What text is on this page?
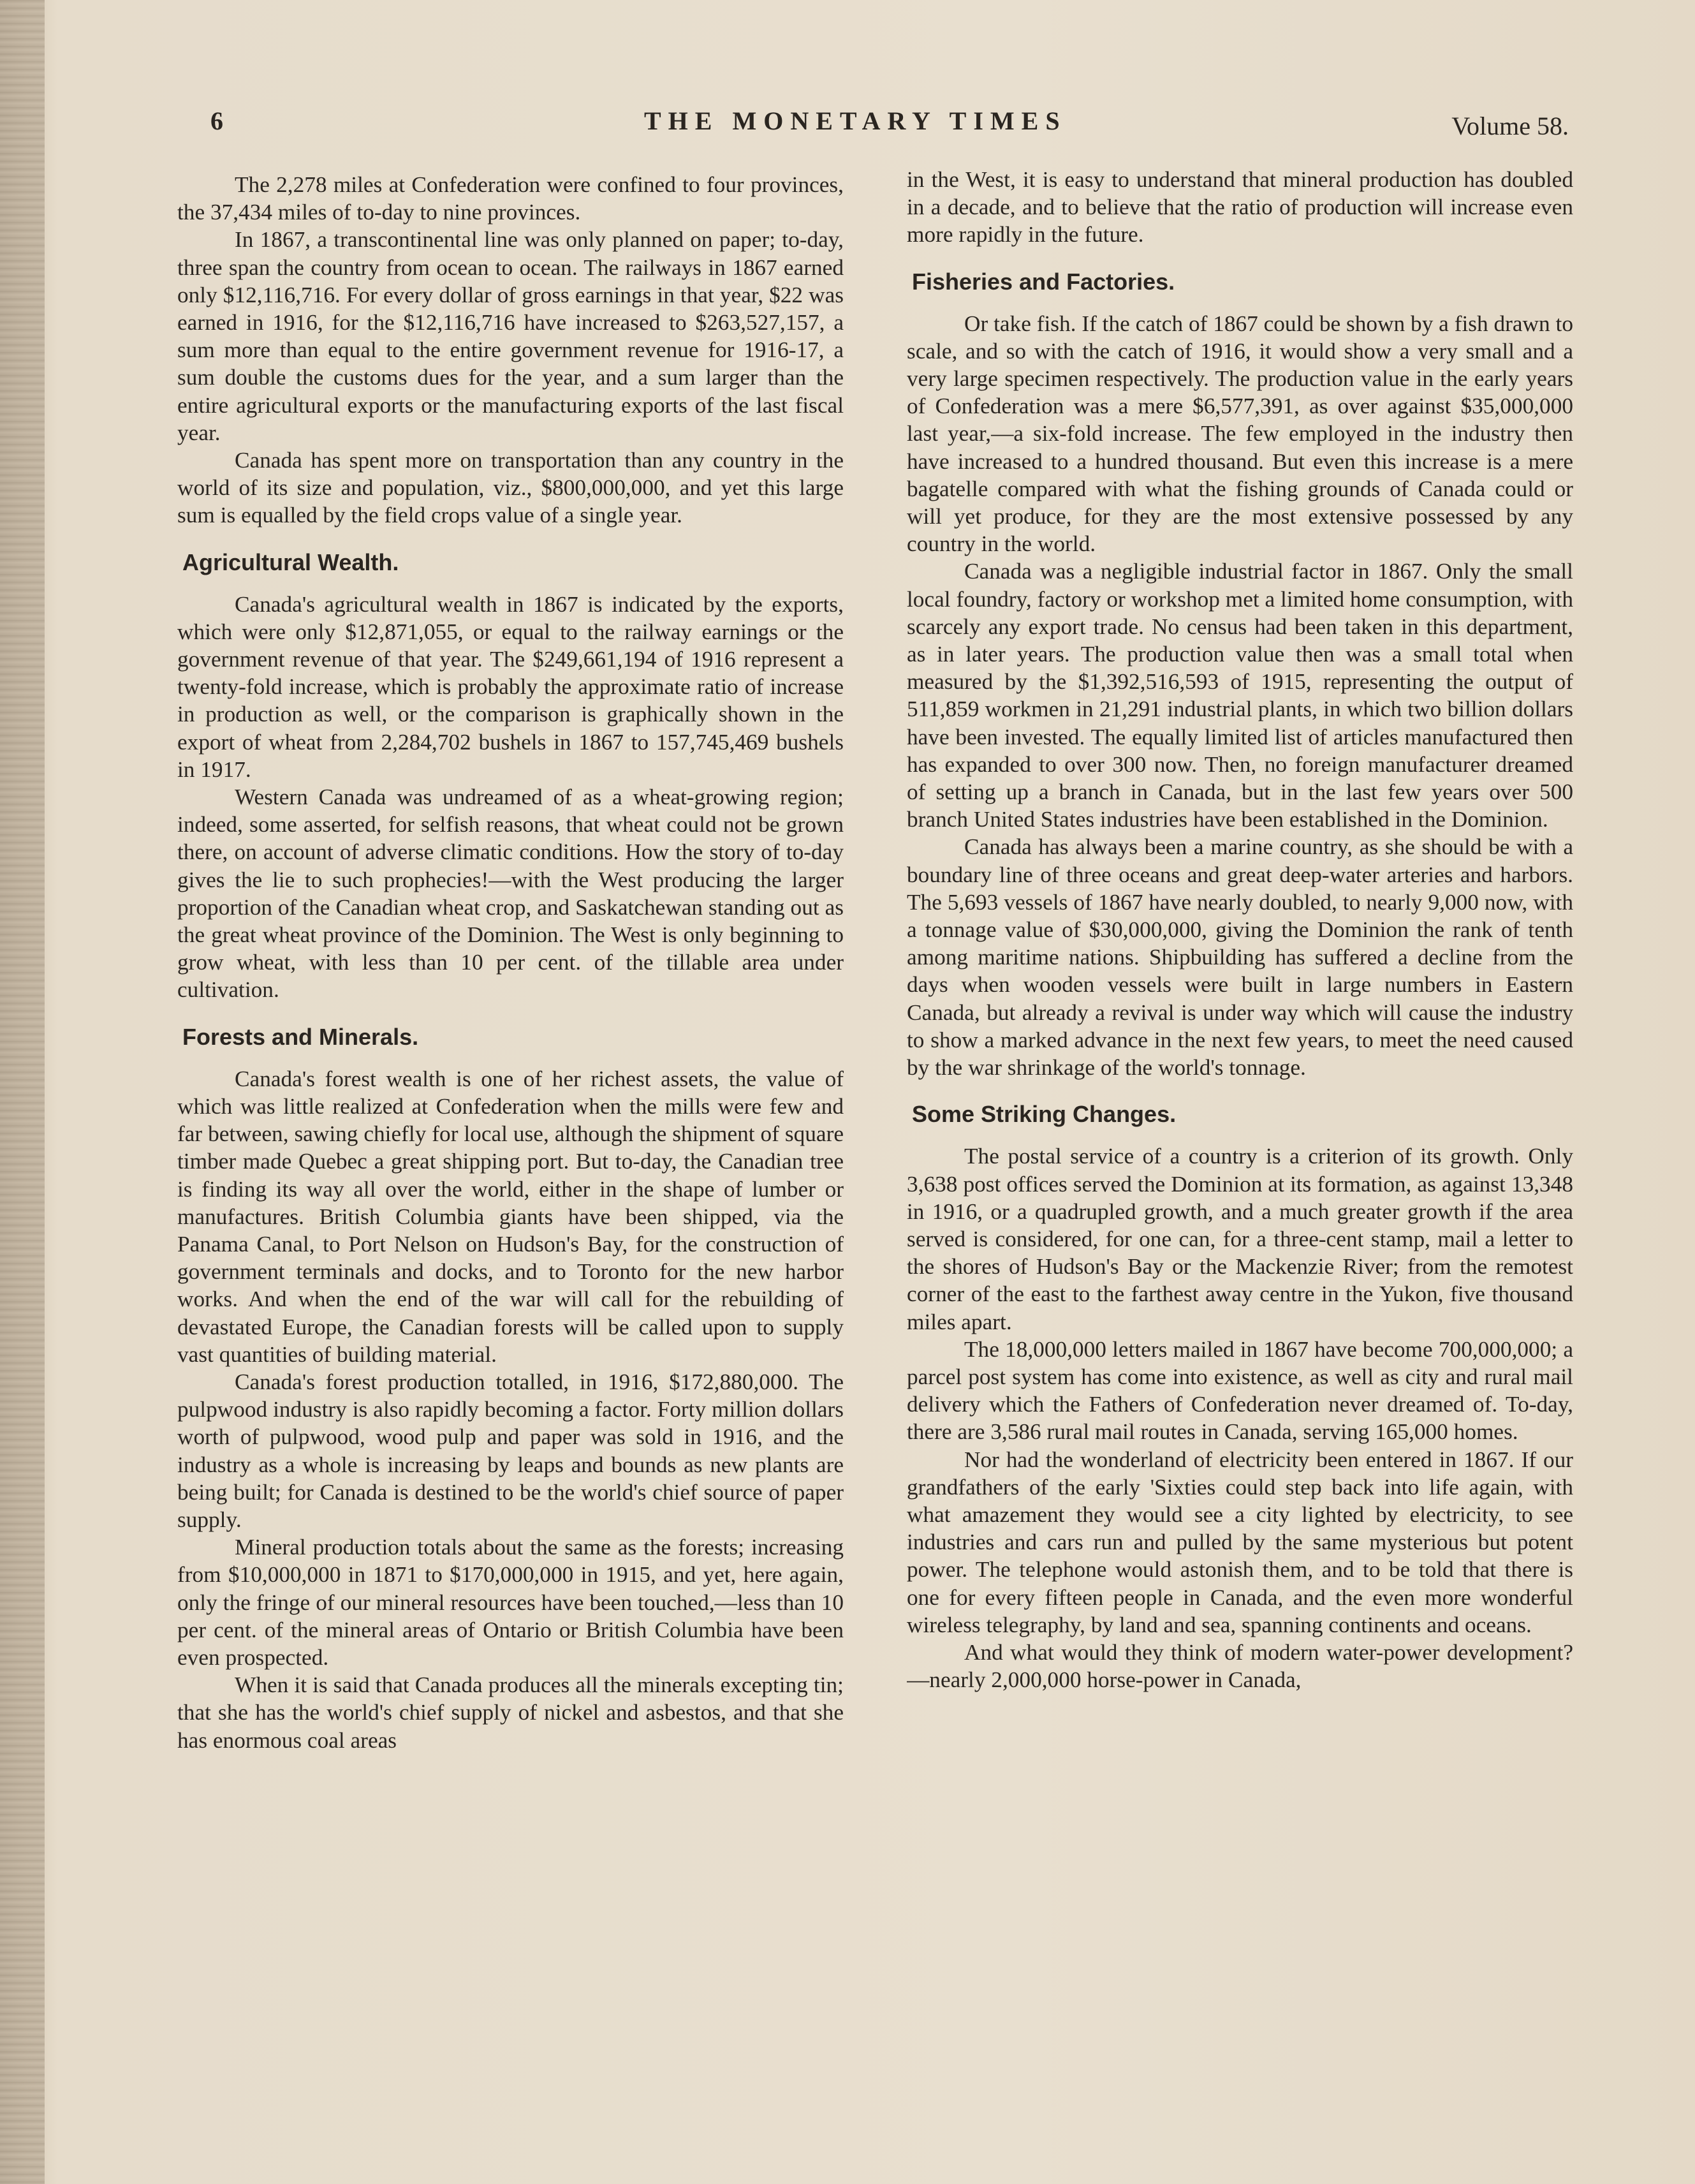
6	THE MONETARY TIMES	Volume 58.

The 2,278 miles at Confederation were confined to four provinces, the 37,434 miles of to-day to nine provinces.

In 1867, a transcontinental line was only planned on paper; to-day, three span the country from ocean to ocean. The railways in 1867 earned only $12,116,716. For every dollar of gross earnings in that year, $22 was earned in 1916, for the $12,116,716 have increased to $263,527,157, a sum more than equal to the entire government revenue for 1916-17, a sum double the customs dues for the year, and a sum larger than the entire agricultural exports or the manufacturing exports of the last fiscal year.

Canada has spent more on transportation than any country in the world of its size and population, viz., $800,000,000, and yet this large sum is equalled by the field crops value of a single year.

Agricultural Wealth.

Canada's agricultural wealth in 1867 is indicated by the exports, which were only $12,871,055, or equal to the railway earnings or the government revenue of that year. The $249,661,194 of 1916 represent a twenty-fold increase, which is probably the approximate ratio of increase in production as well, or the comparison is graphically shown in the export of wheat from 2,284,702 bushels in 1867 to 157,745,469 bushels in 1917.

Western Canada was undreamed of as a wheat-growing region; indeed, some asserted, for selfish reasons, that wheat could not be grown there, on account of adverse climatic conditions. How the story of to-day gives the lie to such prophecies!—with the West producing the larger proportion of the Canadian wheat crop, and Saskatchewan standing out as the great wheat province of the Dominion. The West is only beginning to grow wheat, with less than 10 per cent. of the tillable area under cultivation.

Forests and Minerals.

Canada's forest wealth is one of her richest assets, the value of which was little realized at Confederation when the mills were few and far between, sawing chiefly for local use, although the shipment of square timber made Quebec a great shipping port. But to-day, the Canadian tree is finding its way all over the world, either in the shape of lumber or manufactures. British Columbia giants have been shipped, via the Panama Canal, to Port Nelson on Hudson's Bay, for the construction of government terminals and docks, and to Toronto for the new harbor works. And when the end of the war will call for the rebuilding of devastated Europe, the Canadian forests will be called upon to supply vast quantities of building material.

Canada's forest production totalled, in 1916, $172,880,000. The pulpwood industry is also rapidly becoming a factor. Forty million dollars worth of pulpwood, wood pulp and paper was sold in 1916, and the industry as a whole is increasing by leaps and bounds as new plants are being built; for Canada is destined to be the world's chief source of paper supply.

Mineral production totals about the same as the forests; increasing from $10,000,000 in 1871 to $170,000,000 in 1915, and yet, here again, only the fringe of our mineral resources have been touched,—less than 10 per cent. of the mineral areas of Ontario or British Columbia have been even prospected.

When it is said that Canada produces all the minerals excepting tin; that she has the world's chief supply of nickel and asbestos, and that she has enormous coal areas

in the West, it is easy to understand that mineral production has doubled in a decade, and to believe that the ratio of production will increase even more rapidly in the future.

Fisheries and Factories.

Or take fish. If the catch of 1867 could be shown by a fish drawn to scale, and so with the catch of 1916, it would show a very small and a very large specimen respectively. The production value in the early years of Confederation was a mere $6,577,391, as over against $35,000,000 last year,—a six-fold increase. The few employed in the industry then have increased to a hundred thousand. But even this increase is a mere bagatelle compared with what the fishing grounds of Canada could or will yet produce, for they are the most extensive possessed by any country in the world.

Canada was a negligible industrial factor in 1867. Only the small local foundry, factory or workshop met a limited home consumption, with scarcely any export trade. No census had been taken in this department, as in later years. The production value then was a small total when measured by the $1,392,516,593 of 1915, representing the output of 511,859 workmen in 21,291 industrial plants, in which two billion dollars have been invested. The equally limited list of articles manufactured then has expanded to over 300 now. Then, no foreign manufacturer dreamed of setting up a branch in Canada, but in the last few years over 500 branch United States industries have been established in the Dominion.

Canada has always been a marine country, as she should be with a boundary line of three oceans and great deep-water arteries and harbors. The 5,693 vessels of 1867 have nearly doubled, to nearly 9,000 now, with a tonnage value of $30,000,000, giving the Dominion the rank of tenth among maritime nations. Shipbuilding has suffered a decline from the days when wooden vessels were built in large numbers in Eastern Canada, but already a revival is under way which will cause the industry to show a marked advance in the next few years, to meet the need caused by the war shrinkage of the world's tonnage.

Some Striking Changes.

The postal service of a country is a criterion of its growth. Only 3,638 post offices served the Dominion at its formation, as against 13,348 in 1916, or a quadrupled growth, and a much greater growth if the area served is considered, for one can, for a three-cent stamp, mail a letter to the shores of Hudson's Bay or the Mackenzie River; from the remotest corner of the east to the farthest away centre in the Yukon, five thousand miles apart.

The 18,000,000 letters mailed in 1867 have become 700,000,000; a parcel post system has come into existence, as well as city and rural mail delivery which the Fathers of Confederation never dreamed of. To-day, there are 3,586 rural mail routes in Canada, serving 165,000 homes.

Nor had the wonderland of electricity been entered in 1867. If our grandfathers of the early 'Sixties could step back into life again, with what amazement they would see a city lighted by electricity, to see industries and cars run and pulled by the same mysterious but potent power. The telephone would astonish them, and to be told that there is one for every fifteen people in Canada, and the even more wonderful wireless telegraphy, by land and sea, spanning continents and oceans.

And what would they think of modern water-power development?—nearly 2,000,000 horse-power in Canada,
